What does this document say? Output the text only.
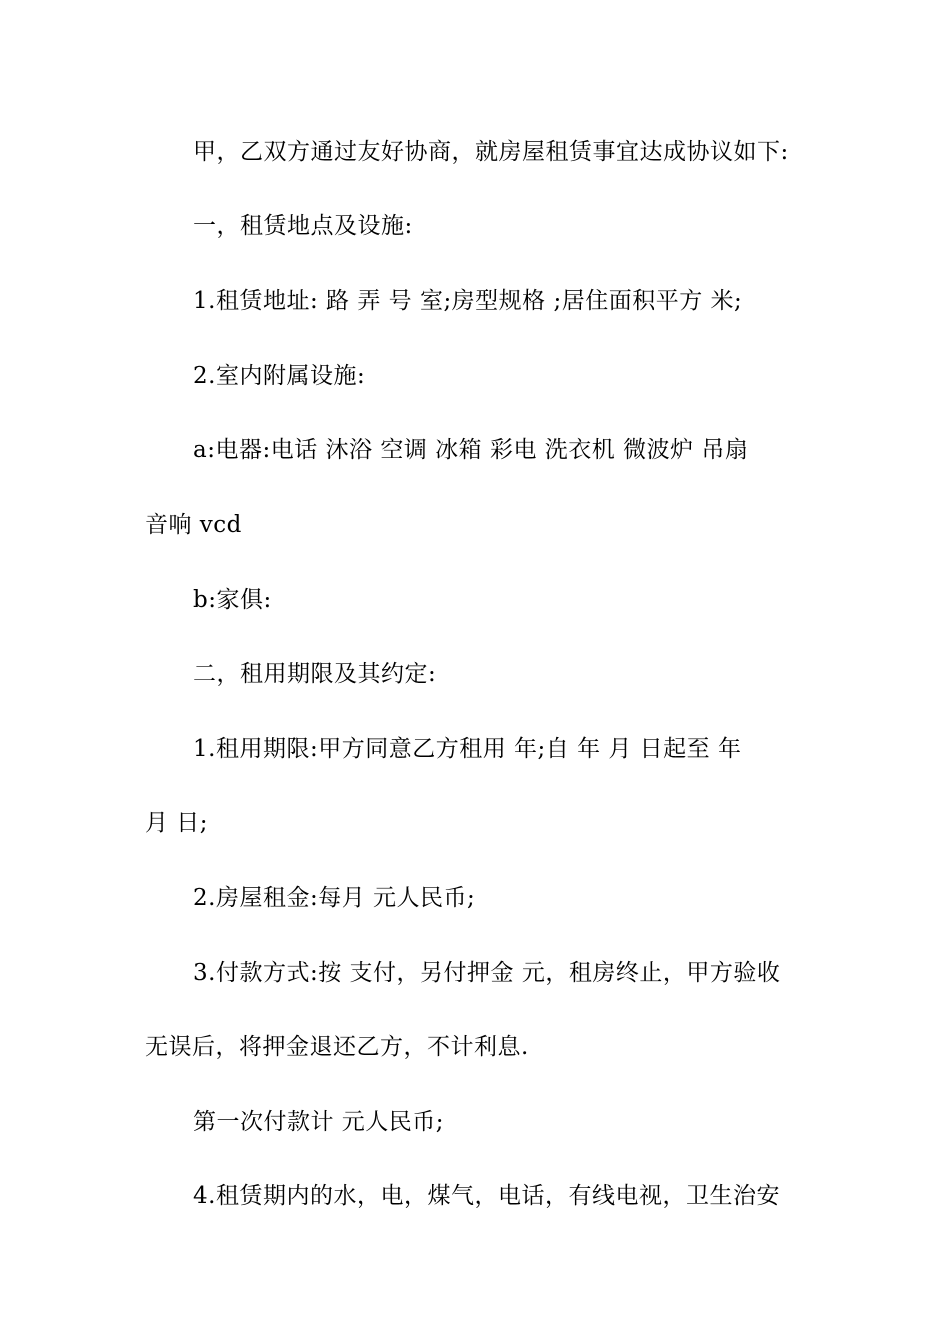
甲，乙双方通过友好协商，就房屋租赁事宜达成协议如下:
一，租赁地点及设施:
1.租赁地址: 路 弄 号 室;房型规格 ;居住面积平方 米;
2.室内附属设施:
a:电器:电话 沐浴 空调 冰箱 彩电 洗衣机 微波炉 吊扇
音响 vcd
b:家俱:
二，租用期限及其约定:
1.租用期限:甲方同意乙方租用 年;自 年 月 日起至 年
月 日;
2.房屋租金:每月 元人民币;
3.付款方式:按 支付，另付押金 元，租房终止，甲方验收
无误后，将押金退还乙方，不计利息.
第一次付款计 元人民币;
4.租赁期内的水，电，煤气，电话，有线电视，卫生治安
